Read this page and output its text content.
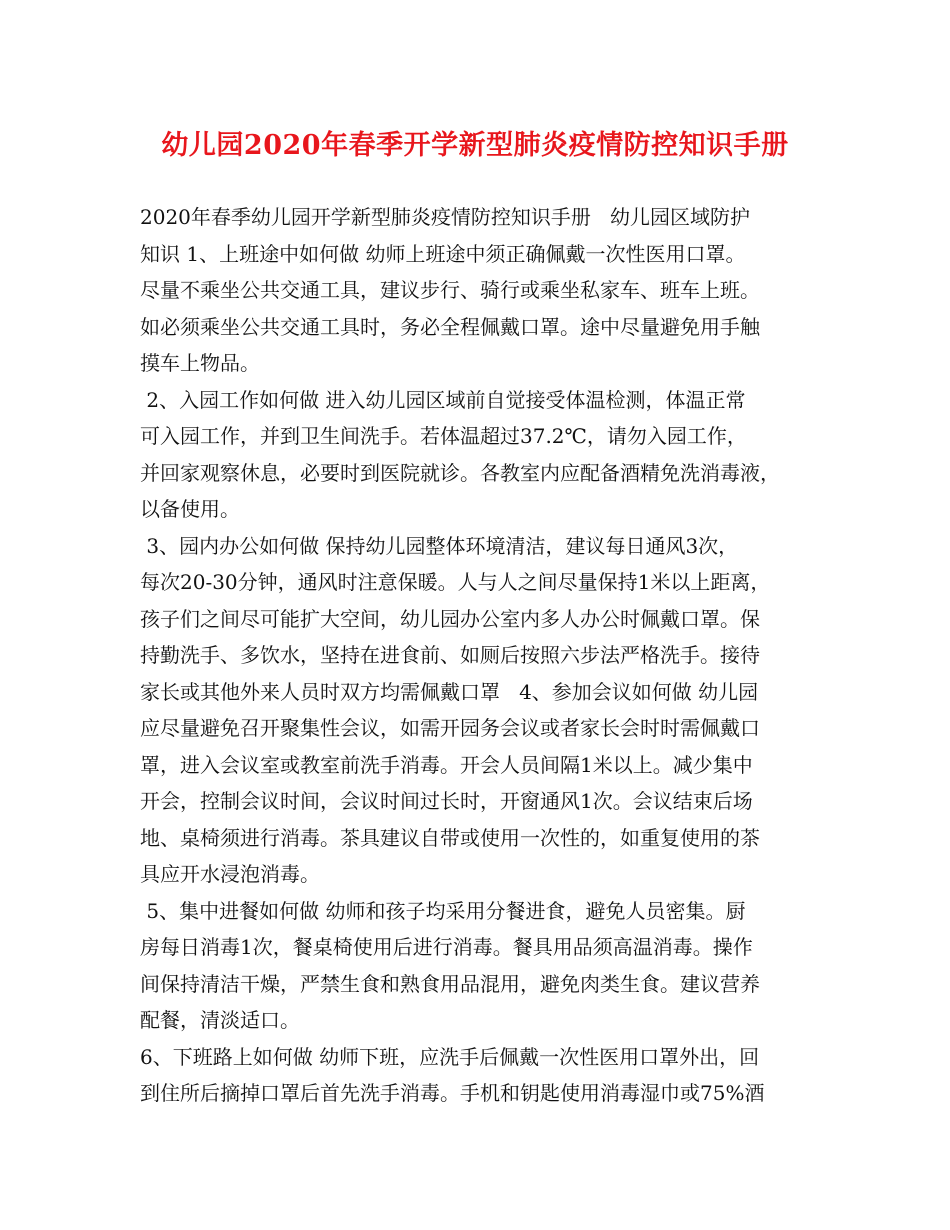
幼儿园2020年春季开学新型肺炎疫情防控知识手册
2020年春季幼儿园开学新型肺炎疫情防控知识手册   幼儿园区域防护
知识 1、上班途中如何做 幼师上班途中须正确佩戴一次性医用口罩。
尽量不乘坐公共交通工具，建议步行、骑行或乘坐私家车、班车上班。
如必须乘坐公共交通工具时，务必全程佩戴口罩。途中尽量避免用手触
摸车上物品。
2、入园工作如何做 进入幼儿园区域前自觉接受体温检测，体温正常
可入园工作，并到卫生间洗手。若体温超过37.2℃，请勿入园工作，
并回家观察休息，必要时到医院就诊。各教室内应配备酒精免洗消毒液，
以备使用。
3、园内办公如何做 保持幼儿园整体环境清洁，建议每日通风3次，
每次20-30分钟，通风时注意保暖。人与人之间尽量保持1米以上距离，
孩子们之间尽可能扩大空间，幼儿园办公室内多人办公时佩戴口罩。保
持勤洗手、多饮水，坚持在进食前、如厕后按照六步法严格洗手。接待
家长或其他外来人员时双方均需佩戴口罩   4、参加会议如何做 幼儿园
应尽量避免召开聚集性会议，如需开园务会议或者家长会时时需佩戴口
罩，进入会议室或教室前洗手消毒。开会人员间隔1米以上。减少集中
开会，控制会议时间，会议时间过长时，开窗通风1次。会议结束后场
地、桌椅须进行消毒。茶具建议自带或使用一次性的，如重复使用的茶
具应开水浸泡消毒。
5、集中进餐如何做 幼师和孩子均采用分餐进食，避免人员密集。厨
房每日消毒1次，餐桌椅使用后进行消毒。餐具用品须高温消毒。操作
间保持清洁干燥，严禁生食和熟食用品混用，避免肉类生食。建议营养
配餐，清淡适口。
6、下班路上如何做 幼师下班，应洗手后佩戴一次性医用口罩外出，回
到住所后摘掉口罩后首先洗手消毒。手机和钥匙使用消毒湿巾或75%酒
